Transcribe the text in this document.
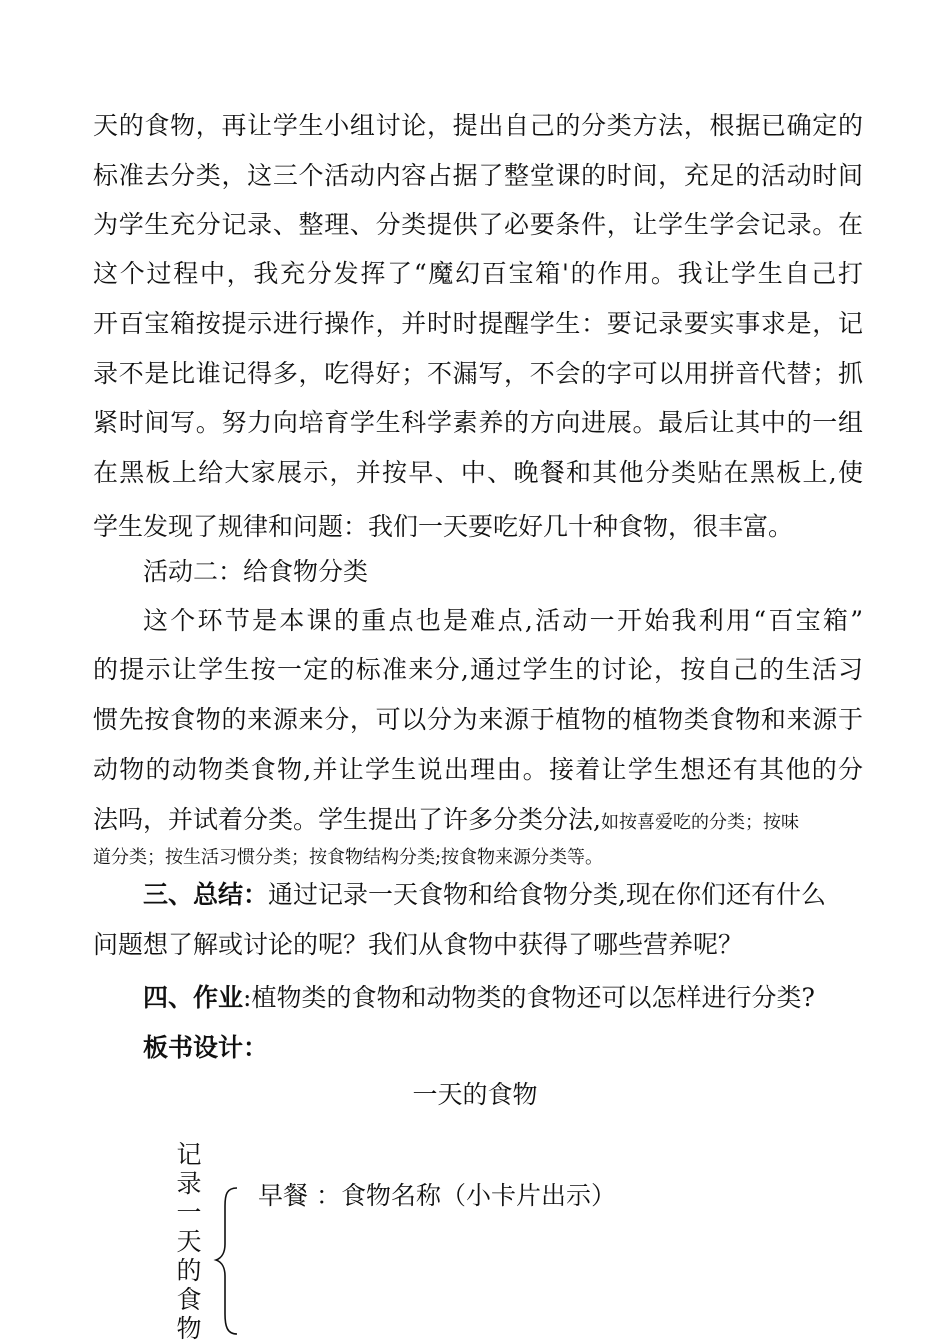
天的食物，再让学生小组讨论，提出自己的分类方法，根据已确定的
标准去分类，这三个活动内容占据了整堂课的时间，充足的活动时间
为学生充分记录、整理、分类提供了必要条件，让学生学会记录。在
这个过程中，我充分发挥了“魔幻百宝箱'的作用。我让学生自己打
开百宝箱按提示进行操作，并时时提醒学生：要记录要实事求是，记
录不是比谁记得多，吃得好；不漏写，不会的字可以用拼音代替；抓
紧时间写。努力向培育学生科学素养的方向进展。最后让其中的一组
在黑板上给大家展示，并按早、中、晚餐和其他分类贴在黑板上,使
学生发现了规律和问题：我们一天要吃好几十种食物，很丰富。
活动二：给食物分类
这个环节是本课的重点也是难点,活动一开始我利用“百宝箱”
的提示让学生按一定的标准来分,通过学生的讨论，按自己的生活习
惯先按食物的来源来分，可以分为来源于植物的植物类食物和来源于
动物的动物类食物,并让学生说出理由。接着让学生想还有其他的分
法吗，并试着分类。学生提出了许多分类分法,如按喜爱吃的分类；按味
道分类；按生活习惯分类；按食物结构分类;按食物来源分类等。
三、总结：通过记录一天食物和给食物分类,现在你们还有什么
问题想了解或讨论的呢？我们从食物中获得了哪些营养呢？
四、作业:植物类的食物和动物类的食物还可以怎样进行分类?
板书设计：
一天的食物
记
录
一
天
的
食
物
早餐 ：食物名称（小卡片出示）
